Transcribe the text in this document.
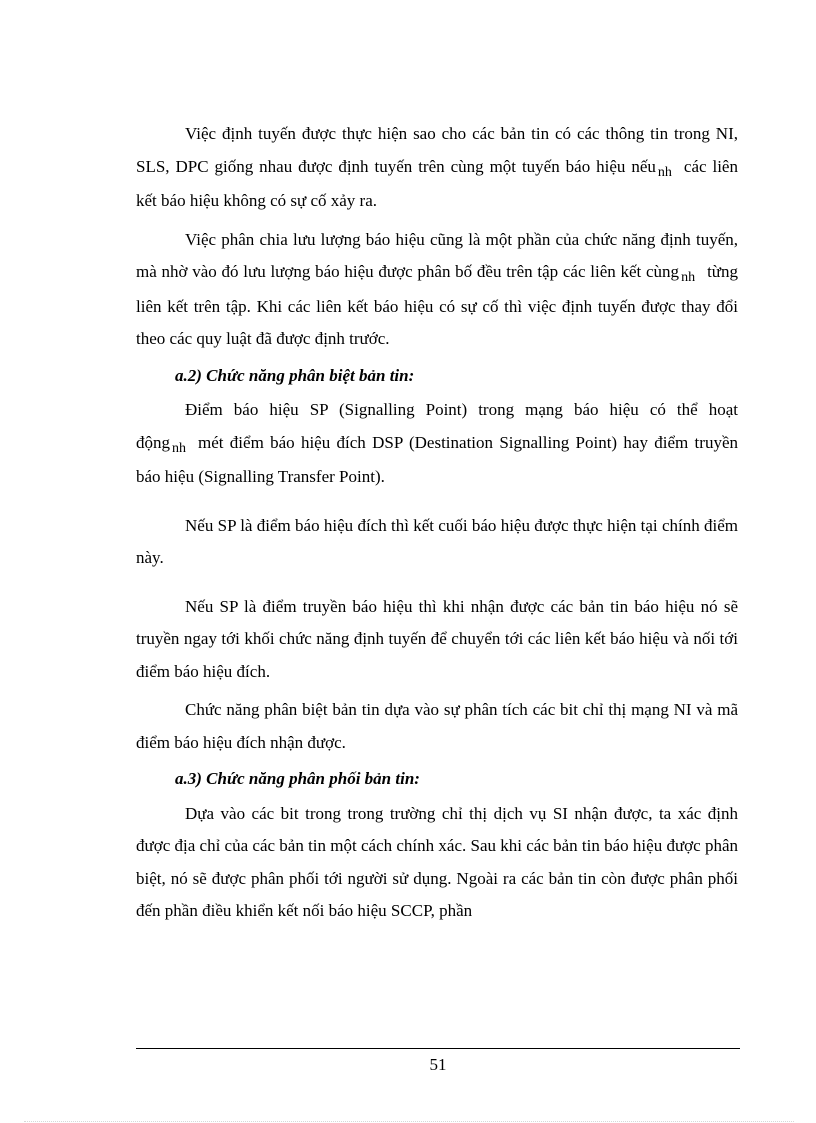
Việc định tuyến được thực hiện sao cho các bản tin có các thông tin trong NI, SLS, DPC giống nhau được định tuyến trên cùng một tuyến báo hiệu nếu $_{nh}$ các liên kết báo hiệu không có sự cố xảy ra.

Việc phân chia lưu lượng báo hiệu cũng là một phần của chức năng định tuyến, mà nhờ vào đó lưu lượng báo hiệu được phân bố đều trên tập các liên kết cùng $_{nh}$ từng liên kết trên tập. Khi các liên kết báo hiệu có sự cố thì việc định tuyến được thay đổi theo các quy luật đã được định trước.

a.2) Chức năng phân biệt bản tin:

Điểm báo hiệu SP (Signalling Point) trong mạng báo hiệu có thể hoạt động $_{nh}$ mét điểm báo hiệu đích DSP (Destination Signalling Point) hay điểm truyền báo hiệu (Signalling Transfer Point).

Nếu SP là điểm báo hiệu đích thì kết cuối báo hiệu được thực hiện tại chính điểm này.

Nếu SP là điểm truyền báo hiệu thì khi nhận được các bản tin báo hiệu nó sẽ truyền ngay tới khối chức năng định tuyến để chuyển tới các liên kết báo hiệu và nối tới điểm báo hiệu đích.

Chức năng phân biệt bản tin dựa vào sự phân tích các bit chỉ thị mạng NI và mã điểm báo hiệu đích nhận được.

a.3) Chức năng phân phối bản tin:

Dựa vào các bit trong trong trường chỉ thị dịch vụ SI nhận được, ta xác định được địa chỉ của các bản tin một cách chính xác. Sau khi các bản tin báo hiệu được phân biệt, nó sẽ được phân phối tới người sử dụng. Ngoài ra các bản tin còn được phân phối đến phần điều khiển kết nối báo hiệu SCCP, phần

51
